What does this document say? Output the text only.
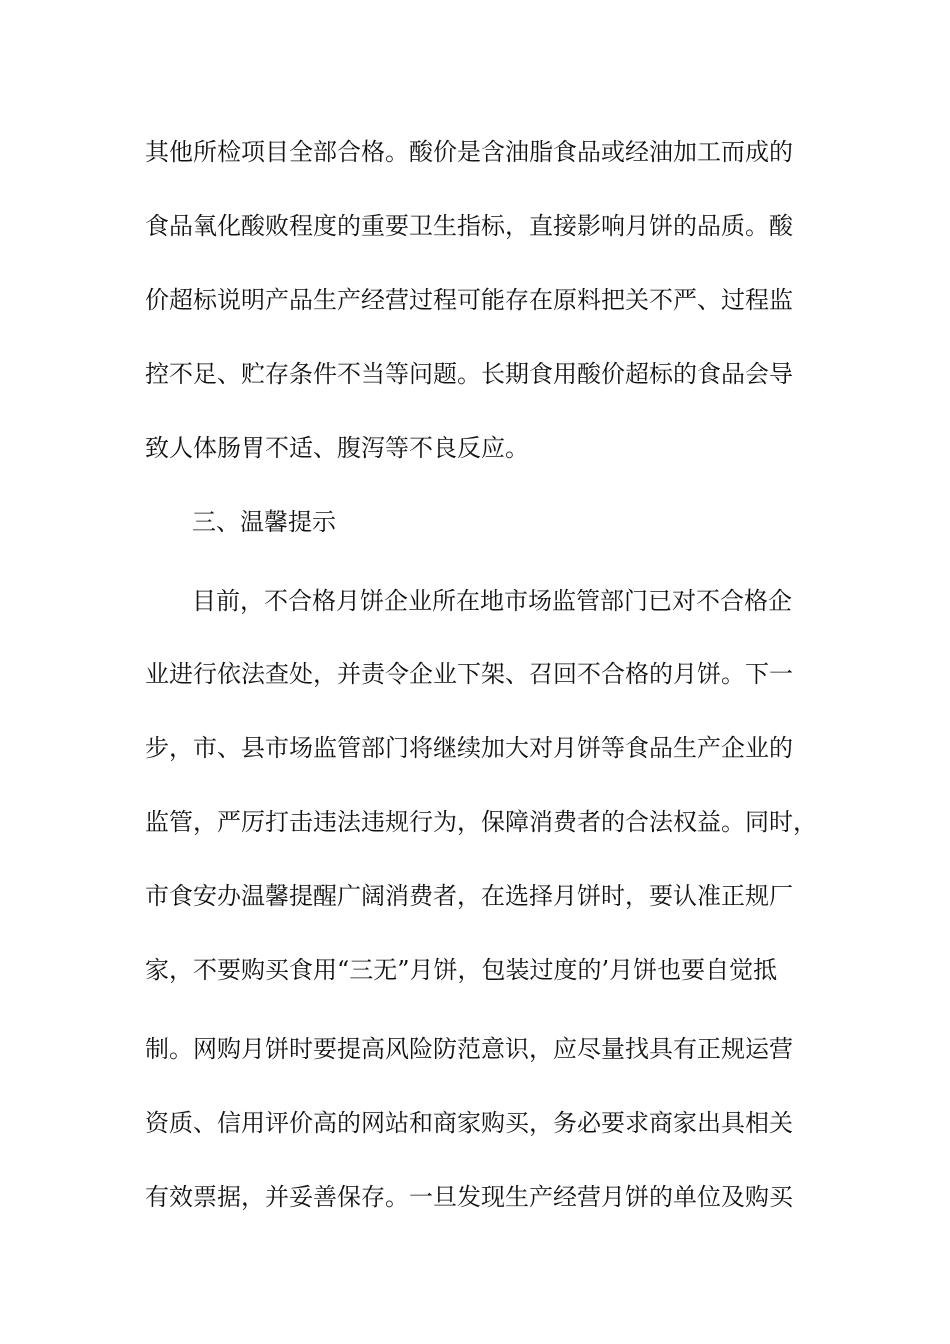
其他所检项目全部合格。酸价是含油脂食品或经油加工而成的
食品氧化酸败程度的重要卫生指标，直接影响月饼的品质。酸
价超标说明产品生产经营过程可能存在原料把关不严、过程监
控不足、贮存条件不当等问题。长期食用酸价超标的食品会导
致人体肠胃不适、腹泻等不良反应。
三、温馨提示
目前，不合格月饼企业所在地市场监管部门已对不合格企
业进行依法查处，并责令企业下架、召回不合格的月饼。下一
步，市、县市场监管部门将继续加大对月饼等食品生产企业的
监管，严厉打击违法违规行为，保障消费者的合法权益。同时，
市食安办温馨提醒广阔消费者，在选择月饼时，要认准正规厂
家，不要购买食用“三无”月饼，包装过度的’月饼也要自觉抵
制。网购月饼时要提高风险防范意识，应尽量找具有正规运营
资质、信用评价高的网站和商家购买，务必要求商家出具相关
有效票据，并妥善保存。一旦发现生产经营月饼的单位及购买
